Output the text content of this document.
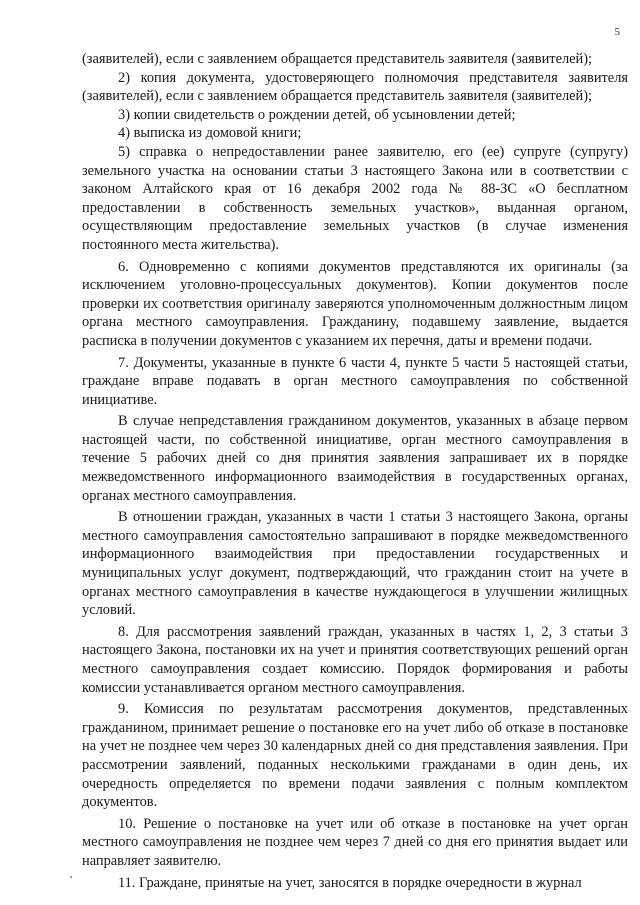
5

(заявителей), если с заявлением обращается представитель заявителя (заявителей);

2) копия документа, удостоверяющего полномочия представителя заявителя (заявителей), если с заявлением обращается представитель заявителя (заявителей);

3) копии свидетельств о рождении детей, об усыновлении детей;

4) выписка из домовой книги;

5) справка о непредоставлении ранее заявителю, его (ее) супруге (супругу) земельного участка на основании статьи 3 настоящего Закона или в соответствии с законом Алтайского края от 16 декабря 2002 года № 88-ЗС «О бесплатном предоставлении в собственность земельных участков», выданная органом, осуществляющим предоставление земельных участков (в случае изменения постоянного места жительства).

6. Одновременно с копиями документов представляются их оригиналы (за исключением уголовно-процессуальных документов). Копии документов после проверки их соответствия оригиналу заверяются уполномоченным должностным лицом органа местного самоуправления. Гражданину, подавшему заявление, выдается расписка в получении документов с указанием их перечня, даты и времени подачи.

7. Документы, указанные в пункте 6 части 4, пункте 5 части 5 настоящей статьи, граждане вправе подавать в орган местного самоуправления по собственной инициативе.

В случае непредставления гражданином документов, указанных в абзаце первом настоящей части, по собственной инициативе, орган местного самоуправления в течение 5 рабочих дней со дня принятия заявления запрашивает их в порядке межведомственного информационного взаимодействия в государственных органах, органах местного самоуправления.

В отношении граждан, указанных в части 1 статьи 3 настоящего Закона, органы местного самоуправления самостоятельно запрашивают в порядке межведомственного информационного взаимодействия при предоставлении государственных и муниципальных услуг документ, подтверждающий, что гражданин стоит на учете в органах местного самоуправления в качестве нуждающегося в улучшении жилищных условий.

8. Для рассмотрения заявлений граждан, указанных в частях 1, 2, 3 статьи 3 настоящего Закона, постановки их на учет и принятия соответствующих решений орган местного самоуправления создает комиссию. Порядок формирования и работы комиссии устанавливается органом местного самоуправления.

9. Комиссия по результатам рассмотрения документов, представленных гражданином, принимает решение о постановке его на учет либо об отказе в постановке на учет не позднее чем через 30 календарных дней со дня представления заявления. При рассмотрении заявлений, поданных несколькими гражданами в один день, их очередность определяется по времени подачи заявления с полным комплектом документов.

10. Решение о постановке на учет или об отказе в постановке на учет орган местного самоуправления не позднее чем через 7 дней со дня его принятия выдает или направляет заявителю.

11. Граждане, принятые на учет, заносятся в порядке очередности в журнал
